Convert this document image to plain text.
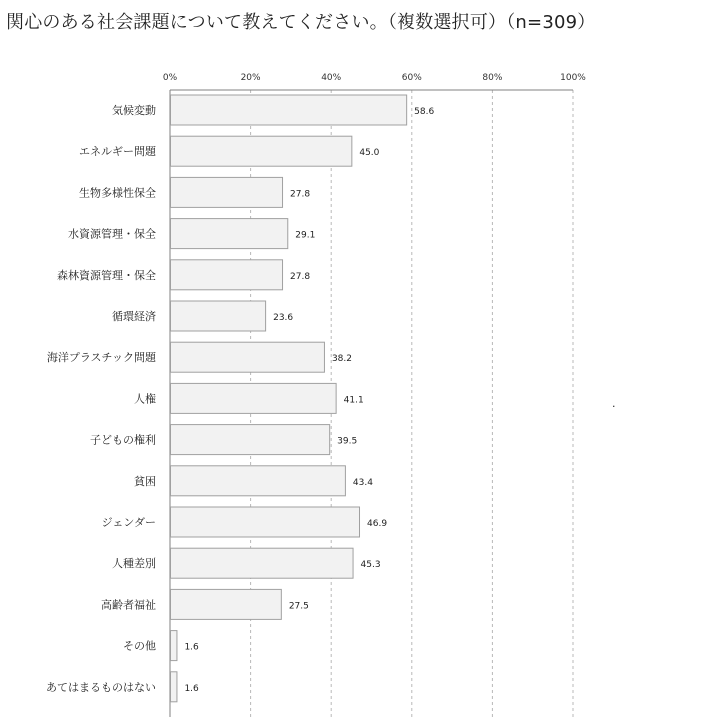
関心のある社会課題について教えてください。（複数選択可）（n=309）
0%	20%	40%	60%	80%	100%
気候変動	58.6
エネルギー問題	45.0
生物多様性保全	27.8
水資源管理・保全	29.1
森林資源管理・保全	27.8
循環経済	23.6
海洋プラスチック問題	38.2
人権	41.1
子どもの権利	39.5
貧困	43.4
ジェンダー	46.9
人種差別	45.3
高齢者福祉	27.5
その他	1.6
あてはまるものはない	1.6
.
